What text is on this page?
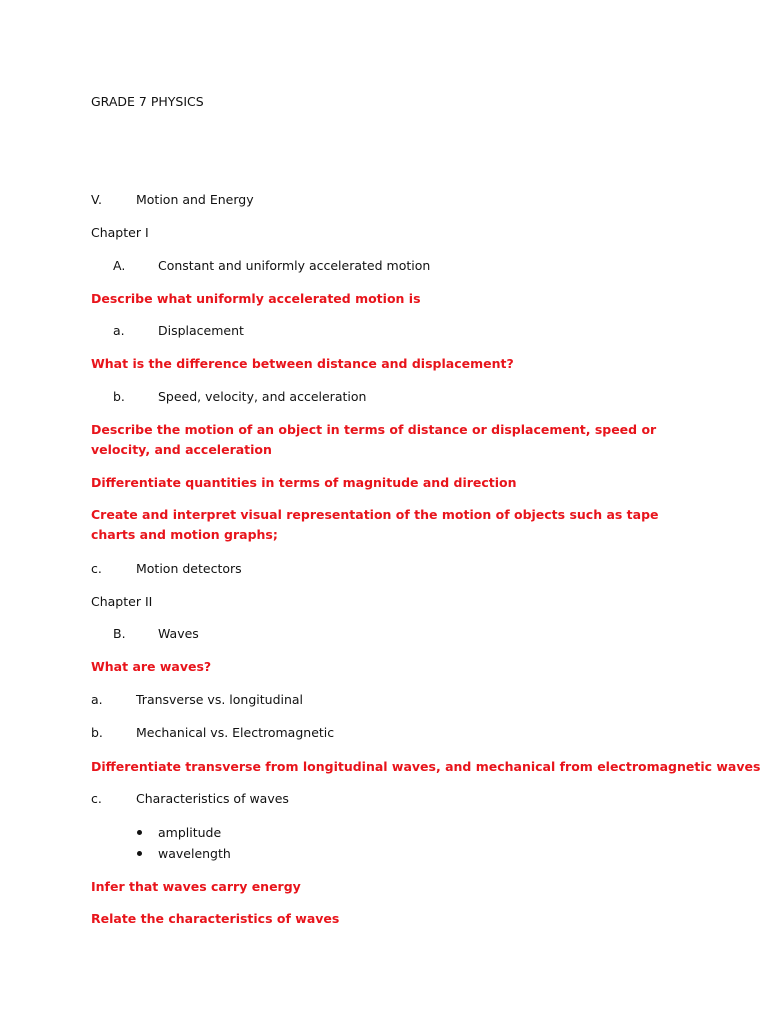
GRADE 7 PHYSICS
V.	Motion and Energy
Chapter I
A.	Constant and uniformly accelerated motion
Describe what uniformly accelerated motion is
a.	Displacement
What is the difference between distance and displacement?
b.	Speed, velocity, and acceleration
Describe the motion of an object in terms of distance or displacement, speed or velocity, and acceleration
Differentiate quantities in terms of magnitude and direction
Create and interpret visual representation of the motion of objects such as tape charts and motion graphs;
c.	Motion detectors
Chapter II
B.	Waves
What are waves?
a.	Transverse vs. longitudinal
b.	Mechanical vs. Electromagnetic
Differentiate transverse from longitudinal waves, and mechanical from electromagnetic waves
c.	Characteristics of waves
amplitude
wavelength
Infer that waves carry energy
Relate the characteristics of waves
